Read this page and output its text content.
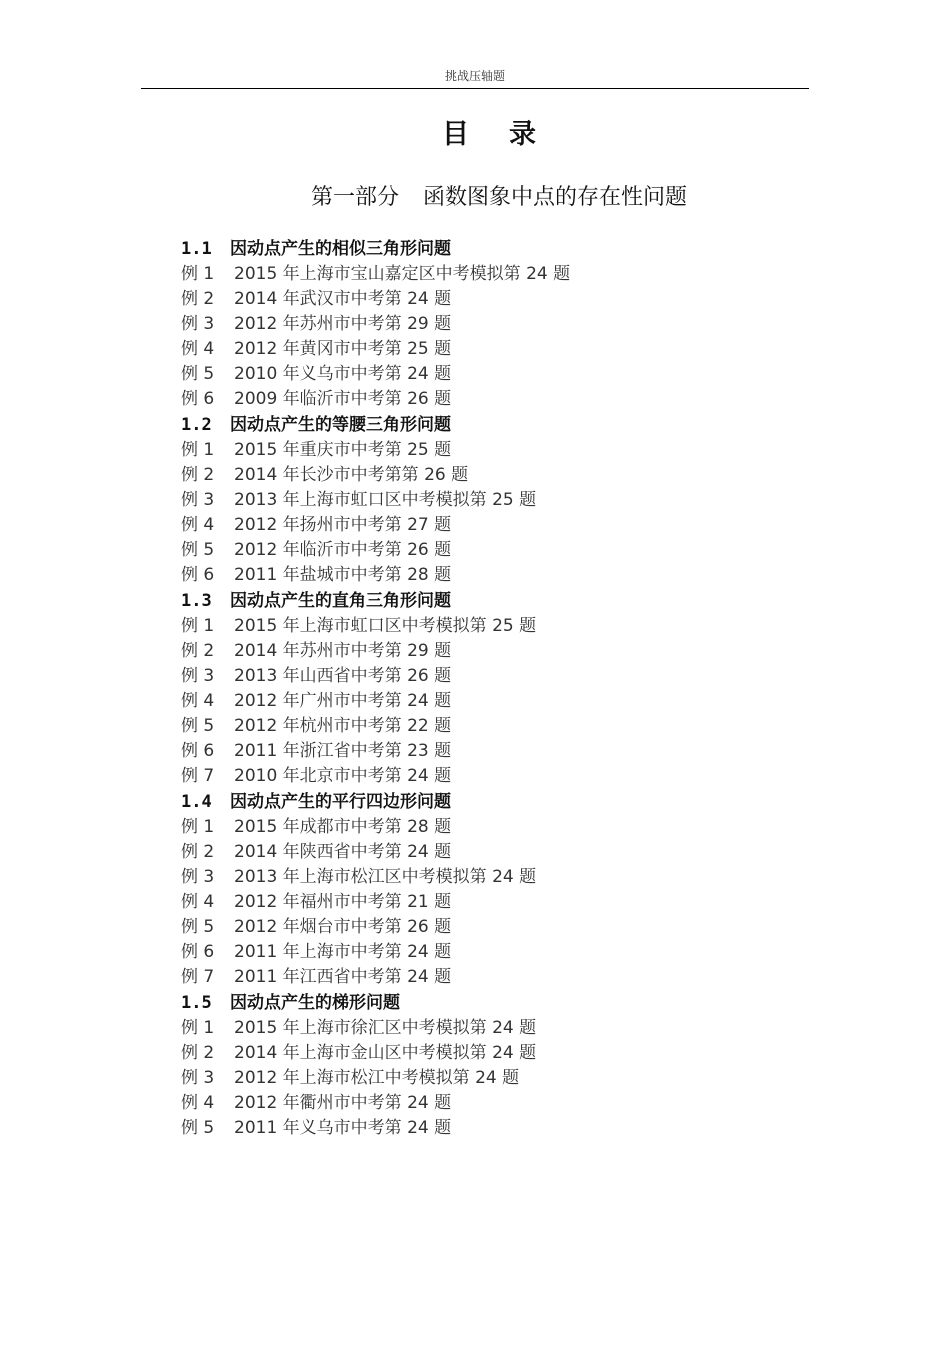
挑战压轴题
目录
第一部分 函数图象中点的存在性问题
1.1 因动点产生的相似三角形问题
例 1 2015 年上海市宝山嘉定区中考模拟第 24 题
例 2 2014 年武汉市中考第 24 题
例 3 2012 年苏州市中考第 29 题
例 4 2012 年黄冈市中考第 25 题
例 5 2010 年义乌市中考第 24 题
例 6 2009 年临沂市中考第 26 题
1.2 因动点产生的等腰三角形问题
例 1 2015 年重庆市中考第 25 题
例 2 2014 年长沙市中考第第 26 题
例 3 2013 年上海市虹口区中考模拟第 25 题
例 4 2012 年扬州市中考第 27 题
例 5 2012 年临沂市中考第 26 题
例 6 2011 年盐城市中考第 28 题
1.3 因动点产生的直角三角形问题
例 1 2015 年上海市虹口区中考模拟第 25 题
例 2 2014 年苏州市中考第 29 题
例 3 2013 年山西省中考第 26 题
例 4 2012 年广州市中考第 24 题
例 5 2012 年杭州市中考第 22 题
例 6 2011 年浙江省中考第 23 题
例 7 2010 年北京市中考第 24 题
1.4 因动点产生的平行四边形问题
例 1 2015 年成都市中考第 28 题
例 2 2014 年陕西省中考第 24 题
例 3 2013 年上海市松江区中考模拟第 24 题
例 4 2012 年福州市中考第 21 题
例 5 2012 年烟台市中考第 26 题
例 6 2011 年上海市中考第 24 题
例 7 2011 年江西省中考第 24 题
1.5 因动点产生的梯形问题
例 1 2015 年上海市徐汇区中考模拟第 24 题
例 2 2014 年上海市金山区中考模拟第 24 题
例 3 2012 年上海市松江中考模拟第 24 题
例 4 2012 年衢州市中考第 24 题
例 5 2011 年义乌市中考第 24 题
